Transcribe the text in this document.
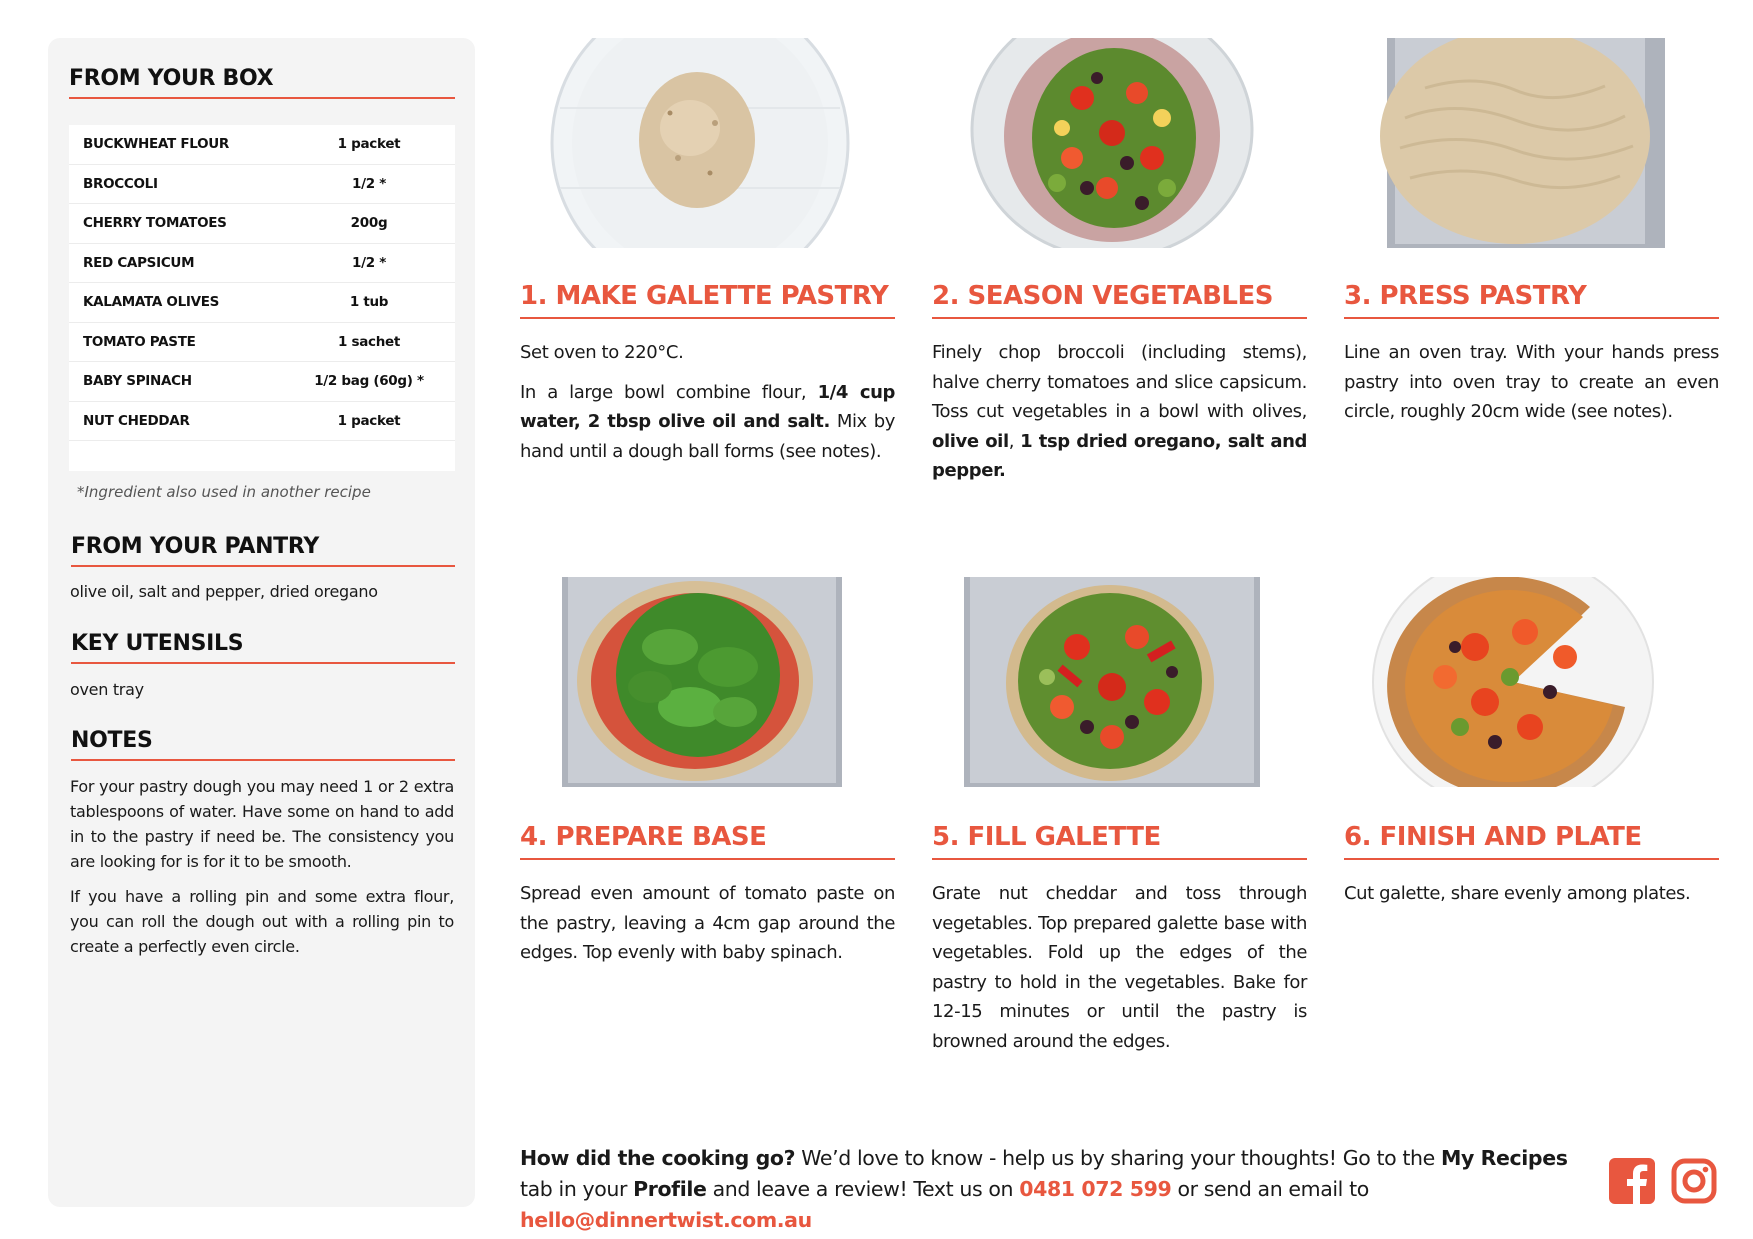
FROM YOUR BOX
BUCKWHEAT FLOUR	1 packet
BROCCOLI	1/2 *
CHERRY TOMATOES	200g
RED CAPSICUM	1/2 *
KALAMATA OLIVES	1 tub
TOMATO PASTE	1 sachet
BABY SPINACH	1/2 bag (60g) *
NUT CHEDDAR	1 packet
*Ingredient also used in another recipe
FROM YOUR PANTRY
olive oil, salt and pepper, dried oregano
KEY UTENSILS
oven tray
NOTES

For your pastry dough you may need 1 or 2 extra tablespoons of water. Have some on hand to add in to the pastry if need be. The consistency you are looking for is for it to be smooth.

If you have a rolling pin and some extra flour, you can roll the dough out with a rolling pin to create a perfectly even circle.

1. MAKE GALETTE PASTRY

Set oven to 220°C.

In a large bowl combine flour, 1/4 cup water, 2 tbsp olive oil and salt. Mix by hand until a dough ball forms (see notes).

2. SEASON VEGETABLES

Finely chop broccoli (including stems), halve cherry tomatoes and slice capsicum. Toss cut vegetables in a bowl with olives, olive oil, 1 tsp dried oregano, salt and pepper.

3. PRESS PASTRY

Line an oven tray. With your hands press pastry into oven tray to create an even circle, roughly 20cm wide (see notes).

4. PREPARE BASE

Spread even amount of tomato paste on the pastry, leaving a 4cm gap around the edges. Top evenly with baby spinach.

5. FILL GALETTE

Grate nut cheddar and toss through vegetables. Top prepared galette base with vegetables. Fold up the edges of the pastry to hold in the vegetables. Bake for 12-15 minutes or until the pastry is browned around the edges.

6. FINISH AND PLATE

Cut galette, share evenly among plates.

How did the cooking go? We’d love to know - help us by sharing your thoughts! Go to the My Recipes tab in your Profile and leave a review! Text us on 0481 072 599 or send an email to hello@dinnertwist.com.au
